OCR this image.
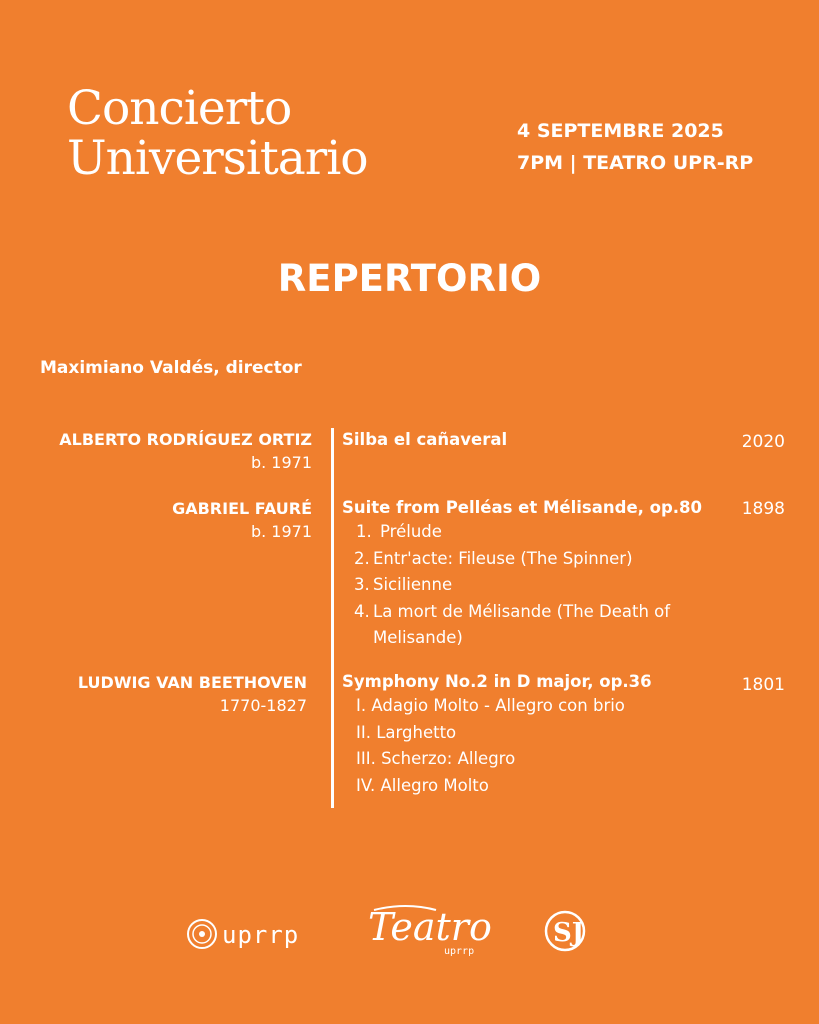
Concierto
Universitario	4 SEPTEMBRE 2025
7PM | TEATRO UPR-RP
REPERTORIO
Maximiano Valdés, director
ALBERTO RODRÍGUEZ ORTIZ
b. 1971
Silba el cañaveral	2020
GABRIEL FAURÉ
b. 1971
Suite from Pelléas et Mélisande, op.80
1. Prélude
2. Entr'acte: Fileuse (The Spinner)
3. Sicilienne
4. La mort de Mélisande (The Death of
Melisande)
1898
LUDWIG VAN BEETHOVEN
1770-1827
Symphony No.2 in D major, op.36
I. Adagio Molto - Allegro con brio
II. Larghetto
III. Scherzo: Allegro
IV. Allegro Molto
1801
uprrp Teatro
uprrp
SJ
